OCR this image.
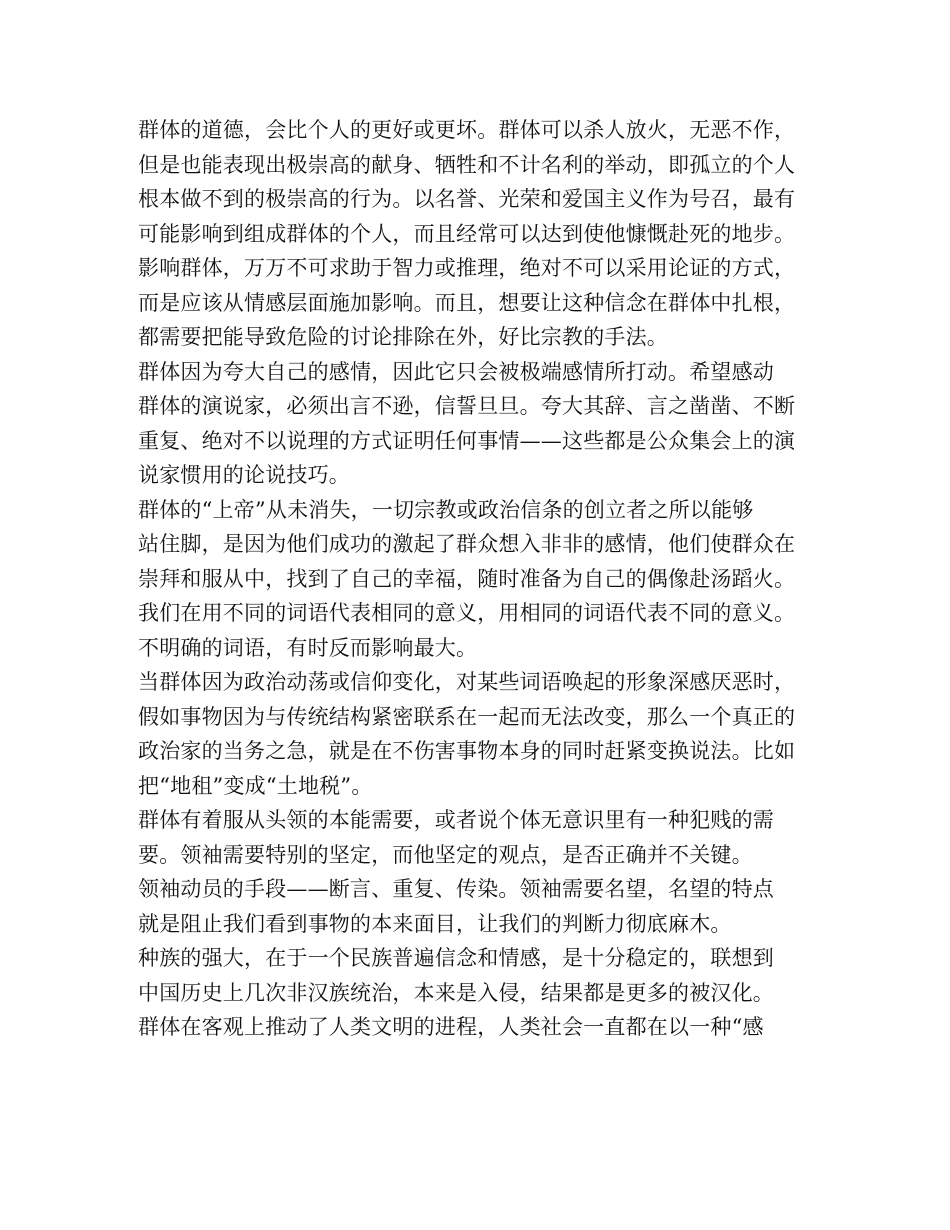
群体的道德，会比个人的更好或更坏。群体可以杀人放火，无恶不作，
但是也能表现出极崇高的献身、牺牲和不计名利的举动，即孤立的个人
根本做不到的极崇高的行为。以名誉、光荣和爱国主义作为号召，最有
可能影响到组成群体的个人，而且经常可以达到使他慷慨赴死的地步。
影响群体，万万不可求助于智力或推理，绝对不可以采用论证的方式，
而是应该从情感层面施加影响。而且，想要让这种信念在群体中扎根，
都需要把能导致危险的讨论排除在外，好比宗教的手法。
群体因为夸大自己的感情，因此它只会被极端感情所打动。希望感动
群体的演说家，必须出言不逊，信誓旦旦。夸大其辞、言之凿凿、不断
重复、绝对不以说理的方式证明任何事情——这些都是公众集会上的演
说家惯用的论说技巧。
群体的“上帝”从未消失，一切宗教或政治信条的创立者之所以能够
站住脚，是因为他们成功的激起了群众想入非非的感情，他们使群众在
崇拜和服从中，找到了自己的幸福，随时准备为自己的偶像赴汤蹈火。
我们在用不同的词语代表相同的意义，用相同的词语代表不同的意义。
不明确的词语，有时反而影响最大。
当群体因为政治动荡或信仰变化，对某些词语唤起的形象深感厌恶时，
假如事物因为与传统结构紧密联系在一起而无法改变，那么一个真正的
政治家的当务之急，就是在不伤害事物本身的同时赶紧变换说法。比如
把“地租”变成“土地税”。
群体有着服从头领的本能需要，或者说个体无意识里有一种犯贱的需
要。领袖需要特别的坚定，而他坚定的观点，是否正确并不关键。
领袖动员的手段——断言、重复、传染。领袖需要名望，名望的特点
就是阻止我们看到事物的本来面目，让我们的判断力彻底麻木。
种族的强大，在于一个民族普遍信念和情感，是十分稳定的，联想到
中国历史上几次非汉族统治，本来是入侵，结果都是更多的被汉化。
群体在客观上推动了人类文明的进程，人类社会一直都在以一种“感
